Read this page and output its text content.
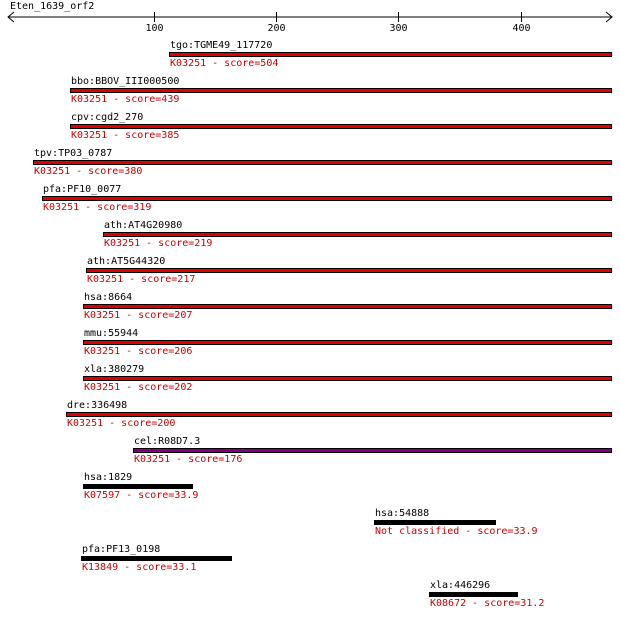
Eten_1639_orf2
100	200	300	400
tgo:TGME49_117720
K03251 - score=504
bbo:BBOV_III000500
K03251 - score=439
cpv:cgd2_270
K03251 - score=385
tpv:TP03_0787
K03251 - score=380
pfa:PF10_0077
K03251 - score=319
ath:AT4G20980
K03251 - score=219
ath:AT5G44320
K03251 - score=217
hsa:8664
K03251 - score=207
mmu:55944
K03251 - score=206
xla:380279
K03251 - score=202
dre:336498
K03251 - score=200
cel:R08D7.3
K03251 - score=176
hsa:1829
K07597 - score=33.9
hsa:54888
Not classified - score=33.9
pfa:PF13_0198
K13849 - score=33.1
xla:446296
K08672 - score=31.2
